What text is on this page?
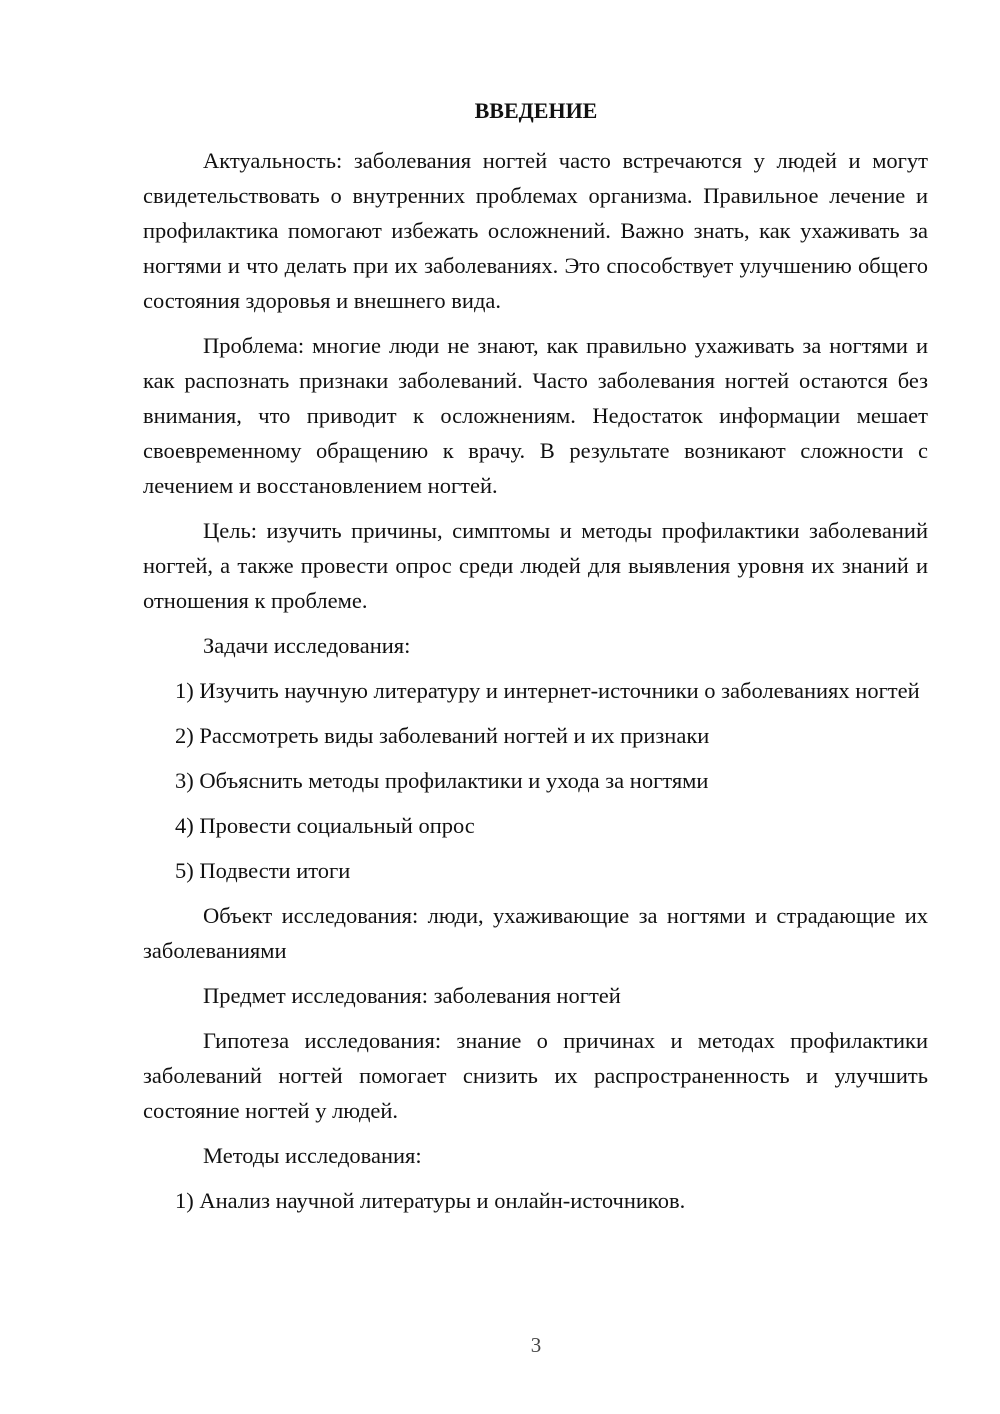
ВВЕДЕНИЕ

Актуальность: заболевания ногтей часто встречаются у людей и могут свидетельствовать о внутренних проблемах организма. Правильное лечение и профилактика помогают избежать осложнений. Важно знать, как ухаживать за ногтями и что делать при их заболеваниях. Это способствует улучшению общего состояния здоровья и внешнего вида.

Проблема: многие люди не знают, как правильно ухаживать за ногтями и как распознать признаки заболеваний. Часто заболевания ногтей остаются без внимания, что приводит к осложнениям. Недостаток информации мешает своевременному обращению к врачу. В результате возникают сложности с лечением и восстановлением ногтей.

Цель: изучить причины, симптомы и методы профилактики заболеваний ногтей, а также провести опрос среди людей для выявления уровня их знаний и отношения к проблеме.

Задачи исследования:

1) Изучить научную литературу и интернет-источники о заболеваниях ногтей

2) Рассмотреть виды заболеваний ногтей и их признаки

3) Объяснить методы профилактики и ухода за ногтями

4) Провести социальный опрос

5) Подвести итоги

Объект исследования: люди, ухаживающие за ногтями и страдающие их заболеваниями

Предмет исследования: заболевания ногтей

Гипотеза исследования: знание о причинах и методах профилактики заболеваний ногтей помогает снизить их распространенность и улучшить состояние ногтей у людей.

Методы исследования:

1) Анализ научной литературы и онлайн-источников.

3
